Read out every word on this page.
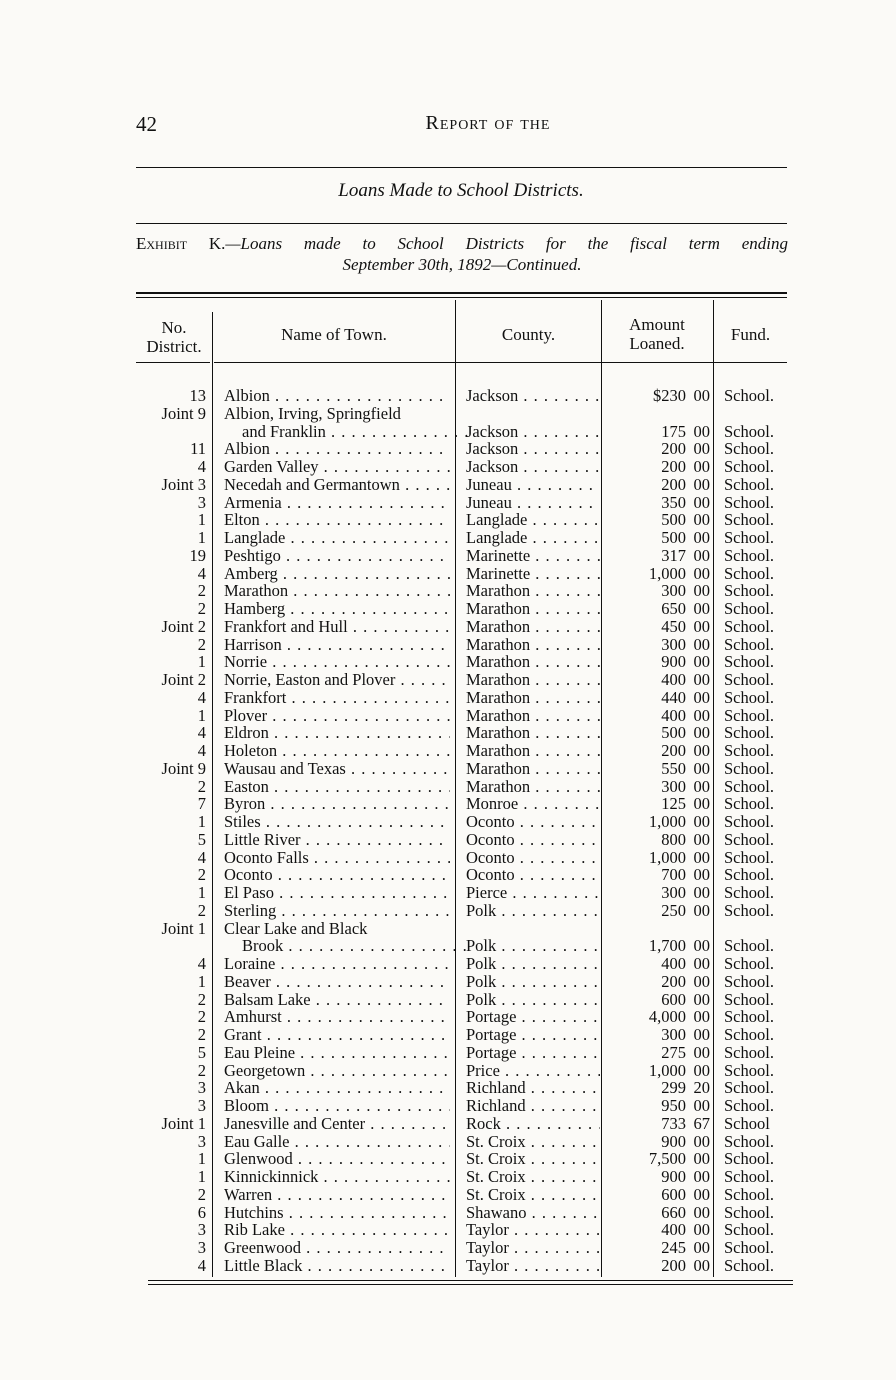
42	Report of the
Loans Made to School Districts.
Exhibit K.—Loans made to School Districts for the fiscal term ending
September 30th, 1892—Continued.
No.
District.
Name of Town.	County.
Amount
Loaned.	Fund.
13 Albion . . .	Jackson . . .	$230 00 School.
Joint 9 Albion, Irving, Springfield
and Franklin . . .	Jackson . . .	175 00 School.
11 Albion . . .	Jackson . . .	200 00 School.
4 Garden Valley . . .	Jackson . . .	200 00 School.
Joint 3 Necedah and Germantown . . .	Juneau . . .	200 00 School.
3 Armenia . . .	Juneau . . .	350 00 School.
1 Elton . . .	Langlade . . .	500 00 School.
1 Langlade . . .	Langlade . . .	500 00 School.
19 Peshtigo . . .	Marinette . . .	317 00 School.
4 Amberg . . .	Marinette . . .	1,000 00 School.
2 Marathon . . .	Marathon . . .	300 00 School.
2 Hamberg . . .	Marathon . . .	650 00 School.
Joint 2 Frankfort and Hull . . .	Marathon . . .	450 00 School.
2 Harrison . . .	Marathon . . .	300 00 School.
1 Norrie . . .	Marathon . . .	900 00 School.
Joint 2 Norrie, Easton and Plover . . .	Marathon . . .	400 00 School.
4 Frankfort . . .	Marathon . . .	440 00 School.
1 Plover . . .	Marathon . . .	400 00 School.
4 Eldron . . .	Marathon . . .	500 00 School.
4 Holeton . . .	Marathon . . .	200 00 School.
Joint 9 Wausau and Texas . . .	Marathon . . .	550 00 School.
2 Easton . . .	Marathon . . .	300 00 School.
7 Byron . . .	Monroe . . .	125 00 School.
1 Stiles . . .	Oconto . . .	1,000 00 School.
5 Little River . . .	Oconto . . .	800 00 School.
4 Oconto Falls . . .	Oconto . . .	1,000 00 School.
2 Oconto . . .	Oconto . . .	700 00 School.
1 El Paso . . .	Pierce . . .	300 00 School.
2 Sterling . . .	Polk . . .	250 00 School.
Joint 1 Clear Lake and Black
Brook . . .	Polk . . .	1,700 00 School.
4 Loraine . . .	Polk . . .	400 00 School.
1 Beaver . . .	Polk . . .	200 00 School.
2 Balsam Lake . . .	Polk . . .	600 00 School.
2 Amhurst . . .	Portage . . .	4,000 00 School.
2 Grant . . .	Portage . . .	300 00 School.
5 Eau Pleine . . .	Portage . . .	275 00 School.
2 Georgetown . . .	Price . . .	1,000 00 School.
3 Akan . . .	Richland . . .	299 20 School.
3 Bloom . . .	Richland . . .	950 00 School.
Joint 1 Janesville and Center . . .	Rock . . .	733 67 School
3 Eau Galle . . .	St. Croix . . .	900 00 School.
1 Glenwood . . .	St. Croix . . .	7,500 00 School.
1 Kinnickinnick . . .	St. Croix . . .	900 00 School.
2 Warren . . .	St. Croix . . .	600 00 School.
6 Hutchins . . .	Shawano . . .	660 00 School.
3 Rib Lake . . .	Taylor . . .	400 00 School.
3 Greenwood . . .	Taylor . . .	245 00 School.
4 Little Black . . .	Taylor . . .	200 00 School.
